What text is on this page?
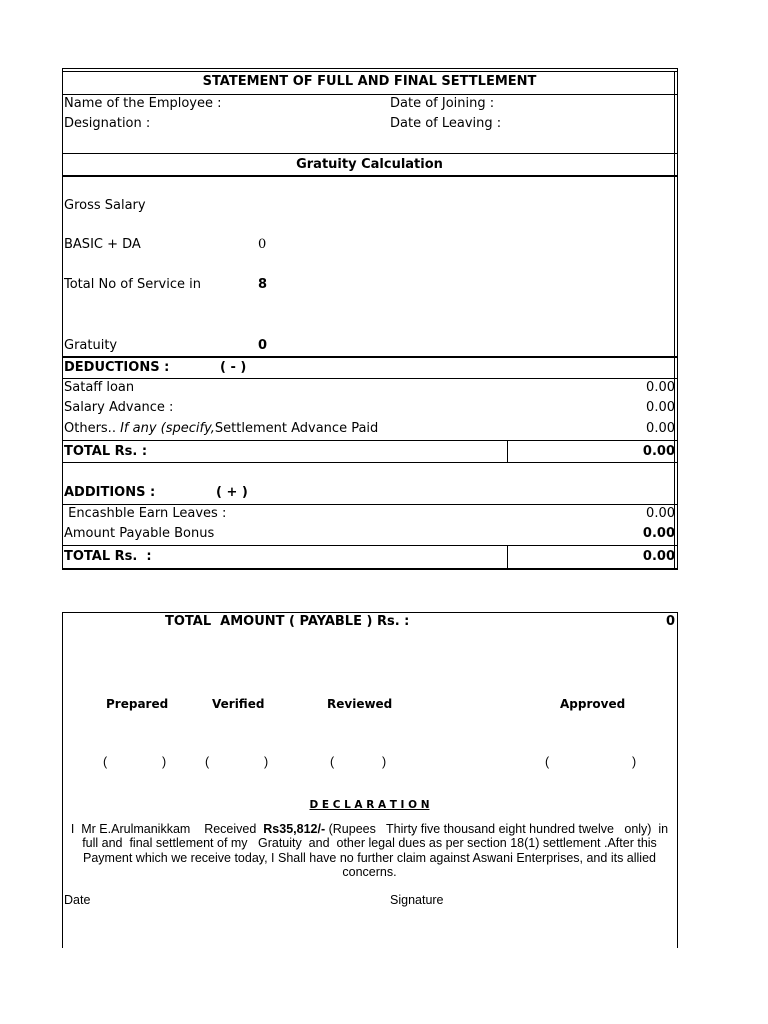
STATEMENT OF FULL AND FINAL SETTLEMENT
Name of the Employee :	Date of Joining :
Designation :	Date of Leaving :
Gratuity Calculation
Gross Salary
BASIC + DA	0
Total No of Service in	8
Gratuity	0
DEDUCTIONS :	( - )
Sataff loan	0.00
Salary Advance :	0.00
Others.. If any (specify,Settlement Advance Paid	0.00
TOTAL Rs. :	0.00
ADDITIONS :	( + )
Encashble Earn Leaves :	0.00
Amount Payable Bonus	0.00
TOTAL Rs.  :	0.00
TOTAL  AMOUNT ( PAYABLE ) Rs. :	0
Prepared	Verified	Reviewed	Approved
(	)	(	)	(	)	(	)
D E C L A R A T I O N
I  Mr E.Arulmanikkam    Received  Rs35,812/- (Rupees   Thirty five thousand eight hundred twelve   only)  in
full and  final settlement of my   Gratuity  and  other legal dues as per section 18(1) settlement .After this
Payment which we receive today, I Shall have no further claim against Aswani Enterprises, and its allied
concerns.
Date	Signature
